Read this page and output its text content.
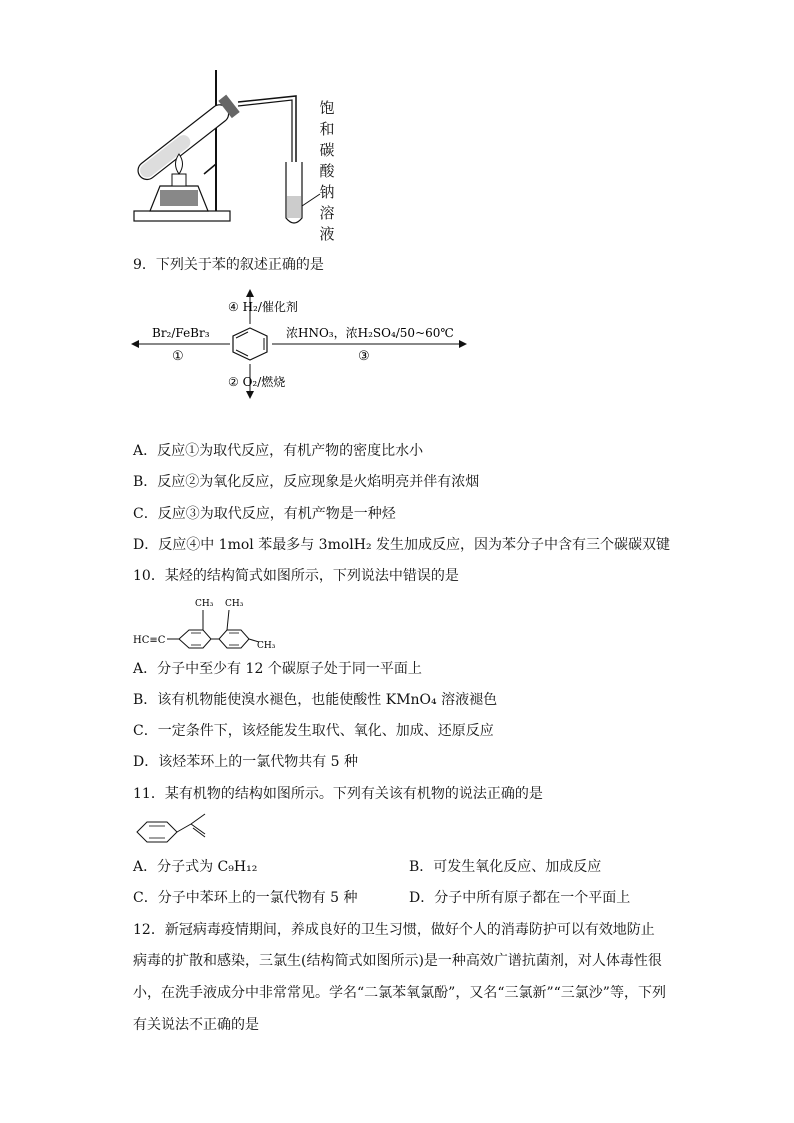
饱
和
碳
酸
钠
溶
液
9．下列关于苯的叙述正确的是
Br₂/FeBr₃
①
浓HNO₃，浓H₂SO₄/50~60℃
③
④ H₂/催化剂
② O₂/燃烧
A．反应①为取代反应，有机产物的密度比水小
B．反应②为氧化反应，反应现象是火焰明亮并伴有浓烟
C．反应③为取代反应，有机产物是一种烃
D．反应④中 1mol 苯最多与 3molH₂ 发生加成反应，因为苯分子中含有三个碳碳双键
10．某烃的结构简式如图所示，下列说法中错误的是
HC≡C
CH₃ CH₃
CH₃
A．分子中至少有 12 个碳原子处于同一平面上
B．该有机物能使溴水褪色，也能使酸性 KMnO₄ 溶液褪色
C．一定条件下，该烃能发生取代、氧化、加成、还原反应
D．该烃苯环上的一氯代物共有 5 种
11．某有机物的结构如图所示。下列有关该有机物的说法正确的是
A．分子式为 C₉H₁₂	B．可发生氧化反应、加成反应
C．分子中苯环上的一氯代物有 5 种	D．分子中所有原子都在一个平面上
12．新冠病毒疫情期间，养成良好的卫生习惯，做好个人的消毒防护可以有效地防止
病毒的扩散和感染，三氯生(结构简式如图所示)是一种高效广谱抗菌剂，对人体毒性很
小，在洗手液成分中非常常见。学名“二氯苯氧氯酚”，又名“三氯新”“三氯沙”等，下列
有关说法不正确的是
